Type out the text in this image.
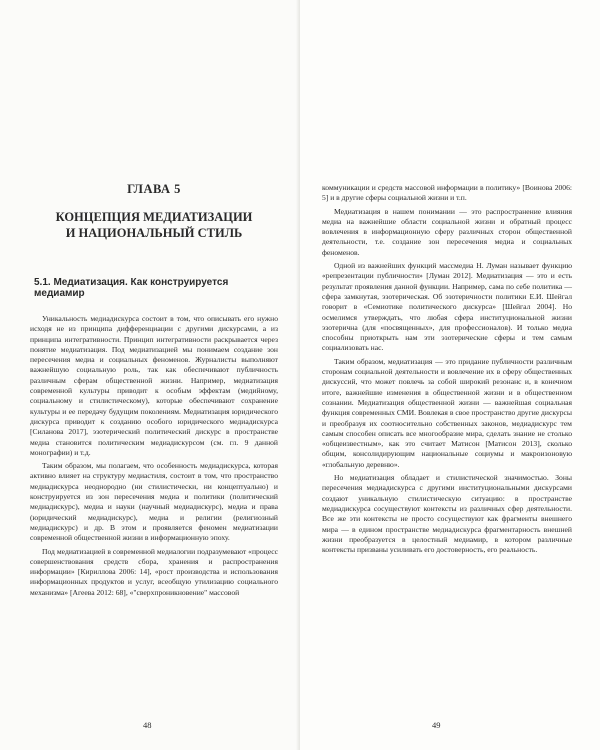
ГЛАВА 5
КОНЦЕПЦИЯ МЕДИАТИЗАЦИИ
И НАЦИОНАЛЬНЫЙ СТИЛЬ
5.1. Медиатизация. Как конструируется медиамир

Уникальность медиадискурса состоит в том, что описывать его нужно исходя не из принципа дифференциации с другими дискурсами, а из принципа интегративности. Принцип интегративности раскрывается через понятие медиатизация. Под медиатизацией мы понимаем создание зон пересечения медиа и социальных феноменов. Журналисты выполняют важнейшую социальную роль, так как обеспечивают публичность различным сферам общественной жизни. Например, медиатизация современной культуры приводит к особым эффектам (медийному, социальному и стилистическому), которые обеспечивают сохранение культуры и ее передачу будущим поколениям. Медиатизация юридического дискурса приводит к созданию особого юридического медиадискурса [Силанова 2017], эзотерический политический дискурс в пространстве медиа становится политическим медиадискурсом (см. гл. 9 данной монографии) и т.д.

Таким образом, мы полагаем, что особенность медиадискурса, которая активно влияет на структуру медиастиля, состоит в том, что пространство медиадискурса неоднородно (ни стилистически, ни концептуально) и конструируется из зон пересечения медиа и политики (политический медиадискурс), медиа и науки (научный медиадискурс), медиа и права (юридический медиадискурс), медиа и религии (религиозный медиадискурс) и др. В этом и проявляется феномен медиатизации современной общественной жизни в информационную эпоху.

Под медиатизацией в современной медиалогии подразумевают «процесс совершенствования средств сбора, хранения и распространения информации» [Кириллова 2006: 14], «рост производства и использования информационных продуктов и услуг, всеобщую утилизацию социального механизма» [Агеева 2012: 68], «"сверхпроникновение" массовой

48

коммуникации и средств массовой информации в политику» [Воинова 2006: 5] и в другие сферы социальной жизни и т.п.

Медиатизация в нашем понимании — это распространение влияния медиа на важнейшие области социальной жизни и обратный процесс вовлечения в информационную сферу различных сторон общественной деятельности, т.е. создание зон пересечения медиа и социальных феноменов.

Одной из важнейших функций массмедиа Н. Луман называет функцию «репрезентации публичности» [Луман 2012]. Медиатизация — это и есть результат проявления данной функции. Например, сама по себе политика — сфера замкнутая, эзотерическая. Об эзотеричности политики Е.И. Шейгал говорит в «Семиотике политического дискурса» [Шейгал 2004]. Но осмелимся утверждать, что любая сфера институциональной жизни эзотерична (для «посвященных», для профессионалов). И только медиа способны приоткрыть нам эти эзотерические сферы и тем самым социализовать нас.

Таким образом, медиатизация — это придание публичности различным сторонам социальной деятельности и вовлечение их в сферу общественных дискуссий, что может повлечь за собой широкий резонанс и, в конечном итоге, важнейшие изменения в общественной жизни и в общественном сознании. Медиатизация общественной жизни — важнейшая социальная функция современных СМИ. Вовлекая в свое пространство другие дискурсы и преобразуя их соотносительно собственных законов, медиадискурс тем самым способен описать все многообразие мира, сделать знание не столько «общеизвестным», как это считает Матисон [Матисон 2013], сколько общим, консолидирующим национальные социумы и макроизоновую «глобальную деревню».

Но медиатизация обладает и стилистической значимостью. Зоны пересечения медиадискурса с другими институциональными дискурсами создают уникальную стилистическую ситуацию: в пространстве медиадискурса сосуществуют контексты из различных сфер деятельности. Все же эти контексты не просто сосуществуют как фрагменты внешнего мира — в едином пространстве медиадискурса фрагментарность внешней жизни преобразуется в целостный медиамир, в котором различные контексты призваны усиливать его достоверность, его реальность.

49
